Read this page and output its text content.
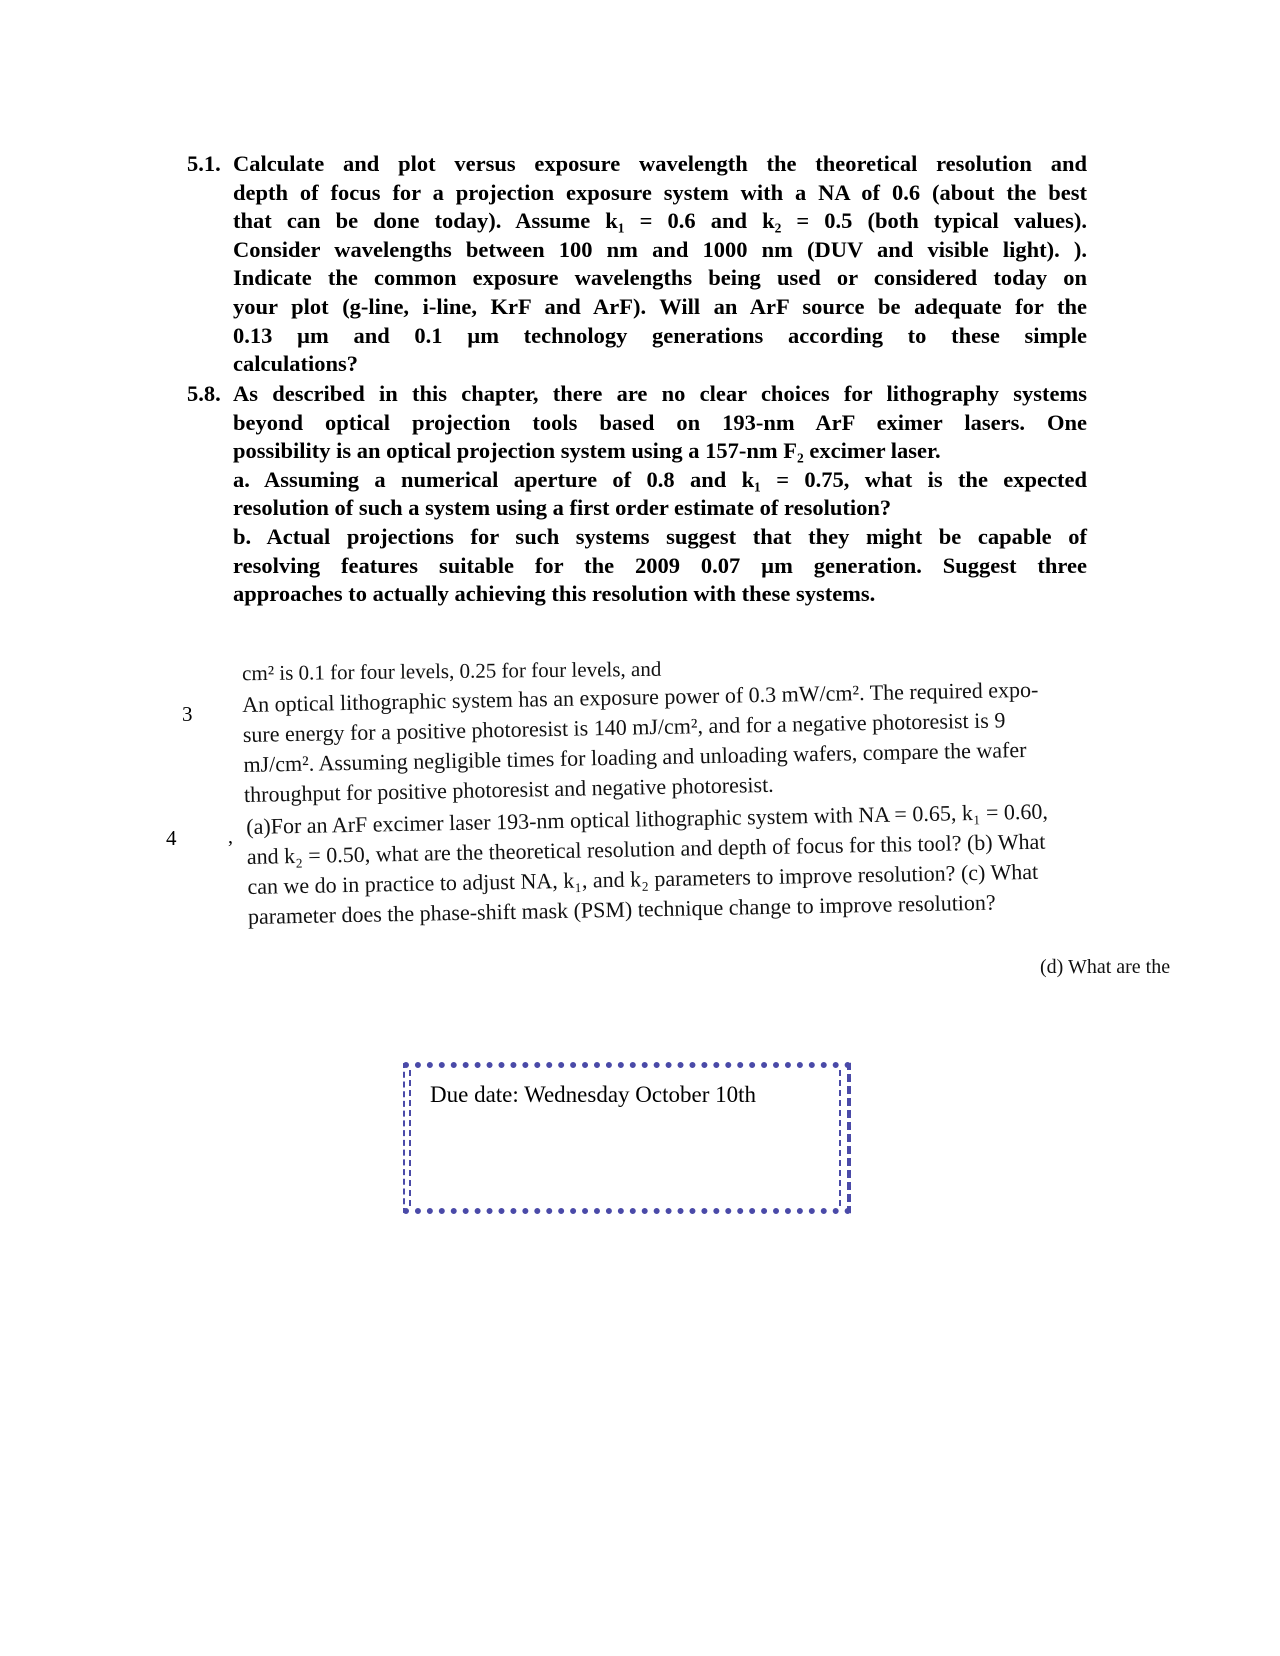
5.1. Calculate and plot versus exposure wavelength the theoretical resolution and
depth of focus for a projection exposure system with a NA of 0.6 (about the best
that can be done today). Assume k₁ = 0.6 and k₂ = 0.5 (both typical values).
Consider wavelengths between 100 nm and 1000 nm (DUV and visible light). ).
Indicate the common exposure wavelengths being used or considered today on
your plot (g-line, i-line, KrF and ArF). Will an ArF source be adequate for the
0.13 µm and 0.1 µm technology generations according to these simple
calculations?
5.8. As described in this chapter, there are no clear choices for lithography systems
beyond optical projection tools based on 193-nm ArF eximer lasers. One
possibility is an optical projection system using a 157-nm F₂ excimer laser.
a. Assuming a numerical aperture of 0.8 and k₁ = 0.75, what is the expected
resolution of such a system using a first order estimate of resolution?
b. Actual projections for such systems suggest that they might be capable of
resolving features suitable for the 2009 0.07 µm generation. Suggest three
approaches to actually achieving this resolution with these systems.
cm² is 0.1 for four levels, 0.25 for four levels, and
3 An optical lithographic system has an exposure power of 0.3 mW/cm². The required expo-
sure energy for a positive photoresist is 140 mJ/cm², and for a negative photoresist is 9
mJ/cm². Assuming negligible times for loading and unloading wafers, compare the wafer
throughput for positive photoresist and negative photoresist.
4	, (a)For an ArF excimer laser 193-nm optical lithographic system with NA = 0.65, k₁ = 0.60,
and k₂ = 0.50, what are the theoretical resolution and depth of focus for this tool? (b) What
can we do in practice to adjust NA, k₁, and k₂ parameters to improve resolution? (c) What
parameter does the phase-shift mask (PSM) technique change to improve resolution?
(d) What are the
Due date: Wednesday October 10th
